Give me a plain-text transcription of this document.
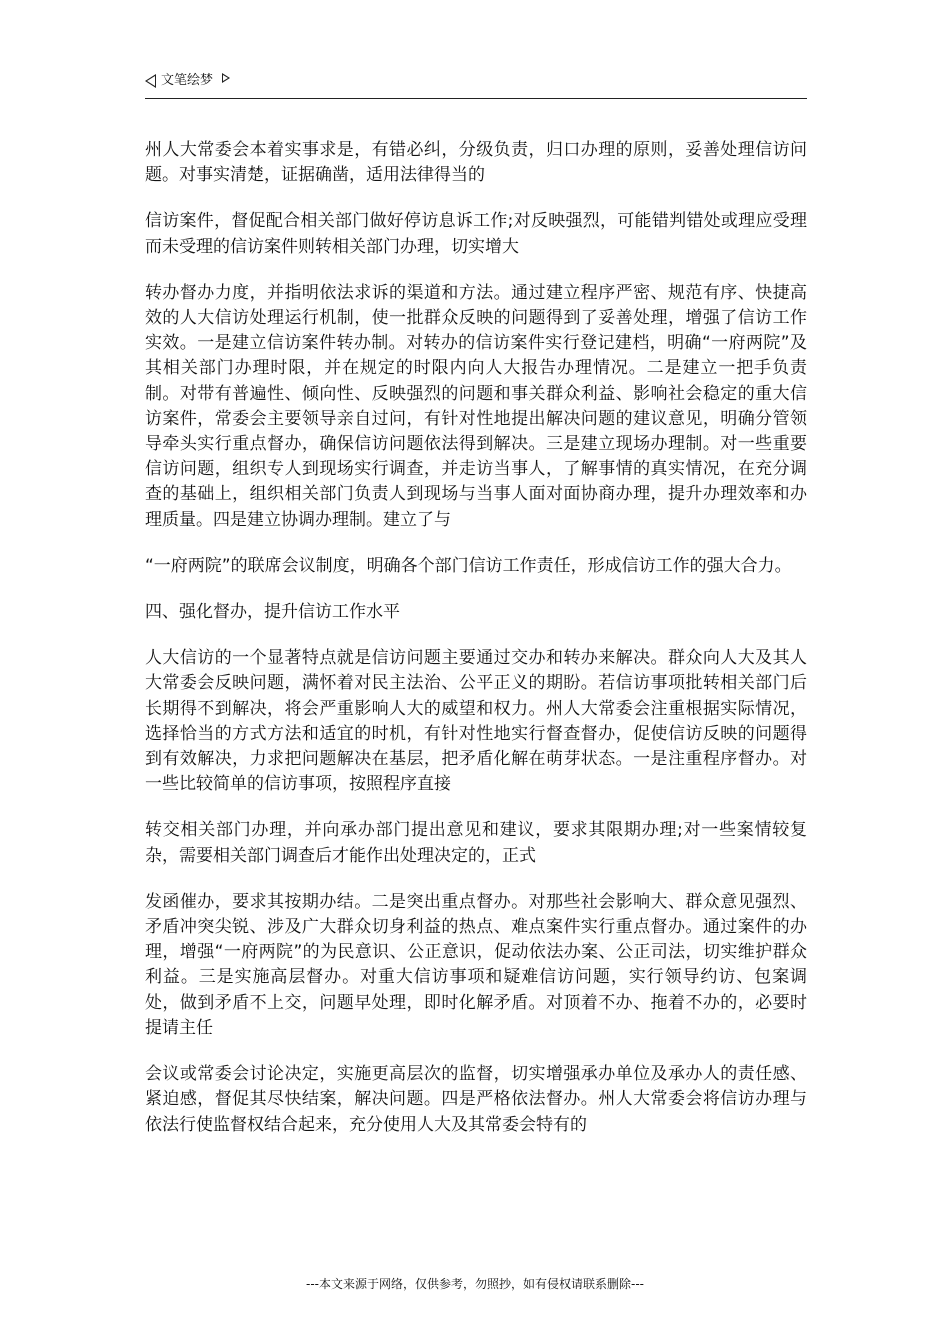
文笔绘梦

州人大常委会本着实事求是，有错必纠，分级负责，归口办理的原则，妥善处理信访问题。对事实清楚，证据确凿，适用法律得当的

信访案件，督促配合相关部门做好停访息诉工作;对反映强烈，可能错判错处或理应受理而未受理的信访案件则转相关部门办理，切实增大

转办督办力度，并指明依法求诉的渠道和方法。通过建立程序严密、规范有序、快捷高效的人大信访处理运行机制，使一批群众反映的问题得到了妥善处理，增强了信访工作实效。一是建立信访案件转办制。对转办的信访案件实行登记建档，明确“一府两院”及其相关部门办理时限，并在规定的时限内向人大报告办理情况。二是建立一把手负责制。对带有普遍性、倾向性、反映强烈的问题和事关群众利益、影响社会稳定的重大信访案件，常委会主要领导亲自过问，有针对性地提出解决问题的建议意见，明确分管领导牵头实行重点督办，确保信访问题依法得到解决。三是建立现场办理制。对一些重要信访问题，组织专人到现场实行调查，并走访当事人，了解事情的真实情况，在充分调查的基础上，组织相关部门负责人到现场与当事人面对面协商办理，提升办理效率和办理质量。四是建立协调办理制。建立了与

“一府两院”的联席会议制度，明确各个部门信访工作责任，形成信访工作的强大合力。

四、强化督办，提升信访工作水平

人大信访的一个显著特点就是信访问题主要通过交办和转办来解决。群众向人大及其人大常委会反映问题，满怀着对民主法治、公平正义的期盼。若信访事项批转相关部门后长期得不到解决，将会严重影响人大的威望和权力。州人大常委会注重根据实际情况，选择恰当的方式方法和适宜的时机，有针对性地实行督查督办，促使信访反映的问题得到有效解决，力求把问题解决在基层，把矛盾化解在萌芽状态。一是注重程序督办。对一些比较简单的信访事项，按照程序直接

转交相关部门办理，并向承办部门提出意见和建议，要求其限期办理;对一些案情较复杂，需要相关部门调查后才能作出处理决定的，正式

发函催办，要求其按期办结。二是突出重点督办。对那些社会影响大、群众意见强烈、矛盾冲突尖锐、涉及广大群众切身利益的热点、难点案件实行重点督办。通过案件的办理，增强“一府两院”的为民意识、公正意识，促动依法办案、公正司法，切实维护群众利益。三是实施高层督办。对重大信访事项和疑难信访问题，实行领导约访、包案调处，做到矛盾不上交，问题早处理，即时化解矛盾。对顶着不办、拖着不办的，必要时提请主任

会议或常委会讨论决定，实施更高层次的监督，切实增强承办单位及承办人的责任感、紧迫感，督促其尽快结案，解决问题。四是严格依法督办。州人大常委会将信访办理与依法行使监督权结合起来，充分使用人大及其常委会特有的

---本文来源于网络，仅供参考，勿照抄，如有侵权请联系删除---
